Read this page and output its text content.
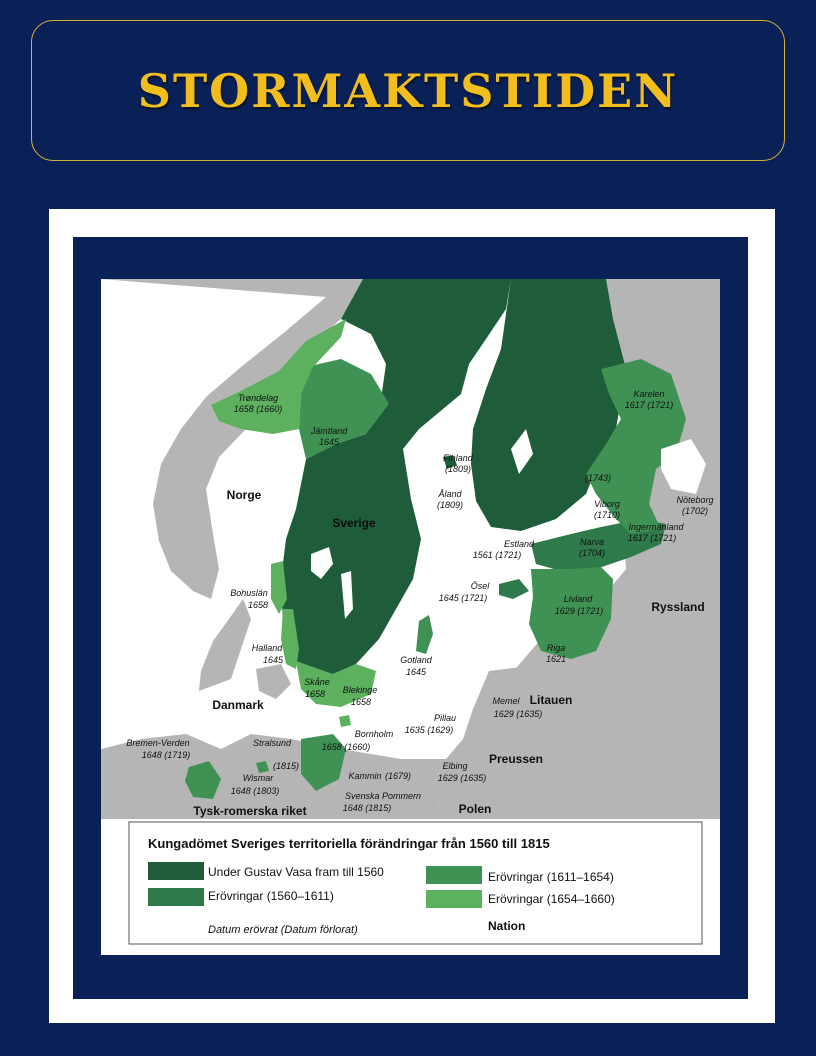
STORMAKTSTIDEN
Trøndelag
1658 (1660)
Jämtland
1645
Finland
(1809)
Åland
(1809)
Karelen
1617 (1721)
(1743)
Nöteborg
(1702)
Viborg
(1710)
Ingermanland
1617 (1721)
Estland
1561 (1721)
Narva
(1704)
Ösel
1645 (1721)	Livland
1629 (1721)
Riga
1621
Bohuslän
1658
Halland
1645	Gotland
1645
Skåne
1658 Blekinge
1658	Memel
1629 (1635)
Pillau
1635 (1629)
Bornholm
1658 (1660)
Stralsund
(1815)
Bremen-Verden
1648 (1719)
Wismar
1648 (1803)
Kammin (1679)
Elbing
1629 (1635)
Svenska Pommern
1648 (1815)
Norge
Sverige
Danmark
Ryssland
Litauen
Preussen
Polen
Tysk-romerska riket
Kungadömet Sveriges territoriella förändringar från 1560 till 1815
Under Gustav Vasa fram till 1560
Erövringar (1560–1611)
Erövringar (1611–1654)
Erövringar (1654–1660)
Datum erövrat (Datum förlorat)	Nation
